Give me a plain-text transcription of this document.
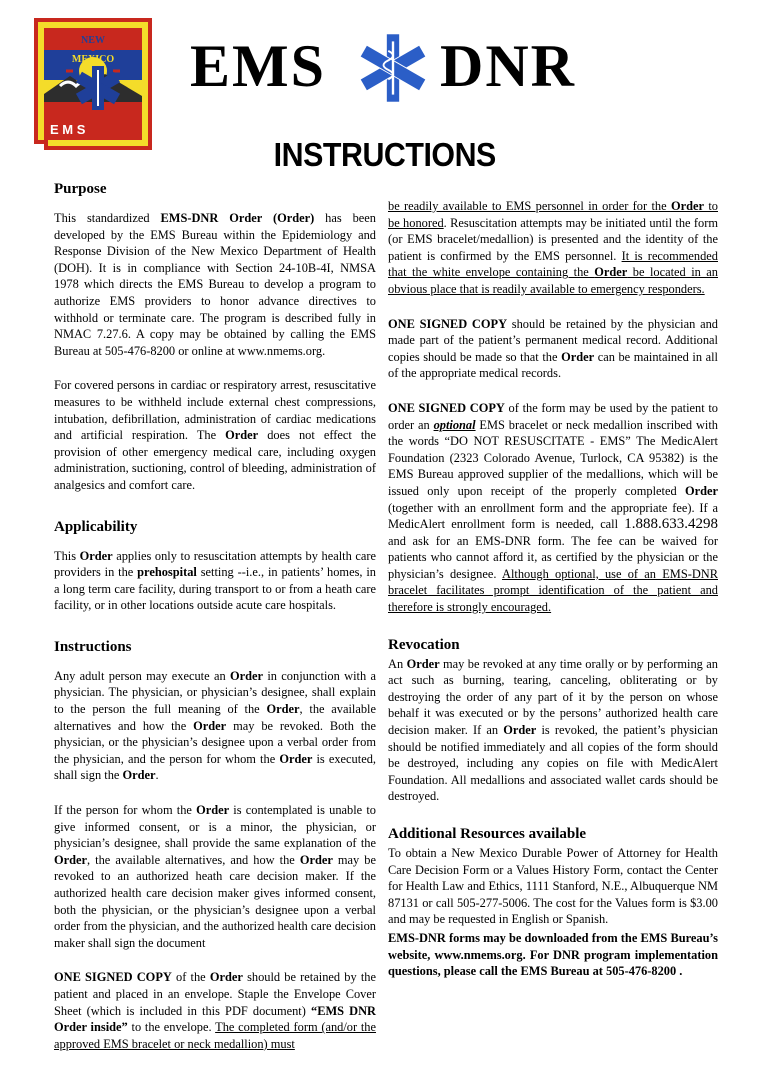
NEW
MEXICO
E M S
EMS DNR
INSTRUCTIONS
Purpose

This standardized EMS-DNR Order (Order) has been developed by the EMS Bureau within the Epidemiology and Response Division of the New Mexico Department of Health (DOH). It is in compliance with Section 24-10B-4I, NMSA 1978 which directs the EMS Bureau to develop a program to authorize EMS providers to honor advance directives to withhold or terminate care. The program is described fully in NMAC 7.27.6. A copy may be obtained by calling the EMS Bureau at 505-476-8200 or online at www.nmems.org.

For covered persons in cardiac or respiratory arrest, resuscitative measures to be withheld include external chest compressions, intubation, defibrillation, administration of cardiac medications and artificial respiration. The Order does not effect the provision of other emergency medical care, including oxygen administration, suctioning, control of bleeding, administration of analgesics and comfort care.

Applicability

This Order applies only to resuscitation attempts by health care providers in the prehospital setting --i.e., in patients’ homes, in a long term care facility, during transport to or from a heath care facility, or in other locations outside acute care hospitals.

Instructions

Any adult person may execute an Order in conjunction with a physician. The physician, or physician’s designee, shall explain to the person the full meaning of the Order, the available alternatives and how the Order may be revoked. Both the physician, or the physician’s designee upon a verbal order from the physician, and the person for whom the Order is executed, shall sign the Order.

If the person for whom the Order is contemplated is unable to give informed consent, or is a minor, the physician, or physician’s designee, shall provide the same explanation of the Order, the available alternatives, and how the Order may be revoked to an authorized heath care decision maker. If the authorized health care decision maker gives informed consent, both the physician, or the physician’s designee upon a verbal order from the physician, and the authorized health care decision maker shall sign the document

ONE SIGNED COPY of the Order should be retained by the patient and placed in an envelope. Staple the Envelope Cover Sheet (which is included in this PDF document) “EMS DNR Order inside” to the envelope. The completed form (and/or the approved EMS bracelet or neck medallion) must

be readily available to EMS personnel in order for the Order to be honored. Resuscitation attempts may be initiated until the form (or EMS bracelet/medallion) is presented and the identity of the patient is confirmed by the EMS personnel. It is recommended that the white envelope containing the Order be located in an obvious place that is readily available to emergency responders.

ONE SIGNED COPY should be retained by the physician and made part of the patient’s permanent medical record. Additional copies should be made so that the Order can be maintained in all of the appropriate medical records.

ONE SIGNED COPY of the form may be used by the patient to order an optional EMS bracelet or neck medallion inscribed with the words “DO NOT RESUSCITATE - EMS” The MedicAlert Foundation (2323 Colorado Avenue, Turlock, CA 95382) is the EMS Bureau approved supplier of the medallions, which will be issued only upon receipt of the properly completed Order (together with an enrollment form and the appropriate fee). If a MedicAlert enrollment form is needed, call 1.888.633.4298 and ask for an EMS-DNR form. The fee can be waived for patients who cannot afford it, as certified by the physician or the physician’s designee. Although optional, use of an EMS-DNR bracelet facilitates prompt identification of the patient and therefore is strongly encouraged.

Revocation

An Order may be revoked at any time orally or by performing an act such as burning, tearing, canceling, obliterating or by destroying the order of any part of it by the person on whose behalf it was executed or by the persons’ authorized health care decision maker. If an Order is revoked, the patient’s physician should be notified immediately and all copies of the form should be destroyed, including any copies on file with MedicAlert Foundation. All medallions and associated wallet cards should be destroyed.

Additional Resources available

To obtain a New Mexico Durable Power of Attorney for Health Care Decision Form or a Values History Form, contact the Center for Health Law and Ethics, 1111 Stanford, N.E., Albuquerque NM 87131 or call 505-277-5006. The cost for the Values form is $3.00 and may be requested in English or Spanish.

EMS-DNR forms may be downloaded from the EMS Bureau’s website, www.nmems.org. For DNR program implementation questions, please call the EMS Bureau at 505-476-8200 .
